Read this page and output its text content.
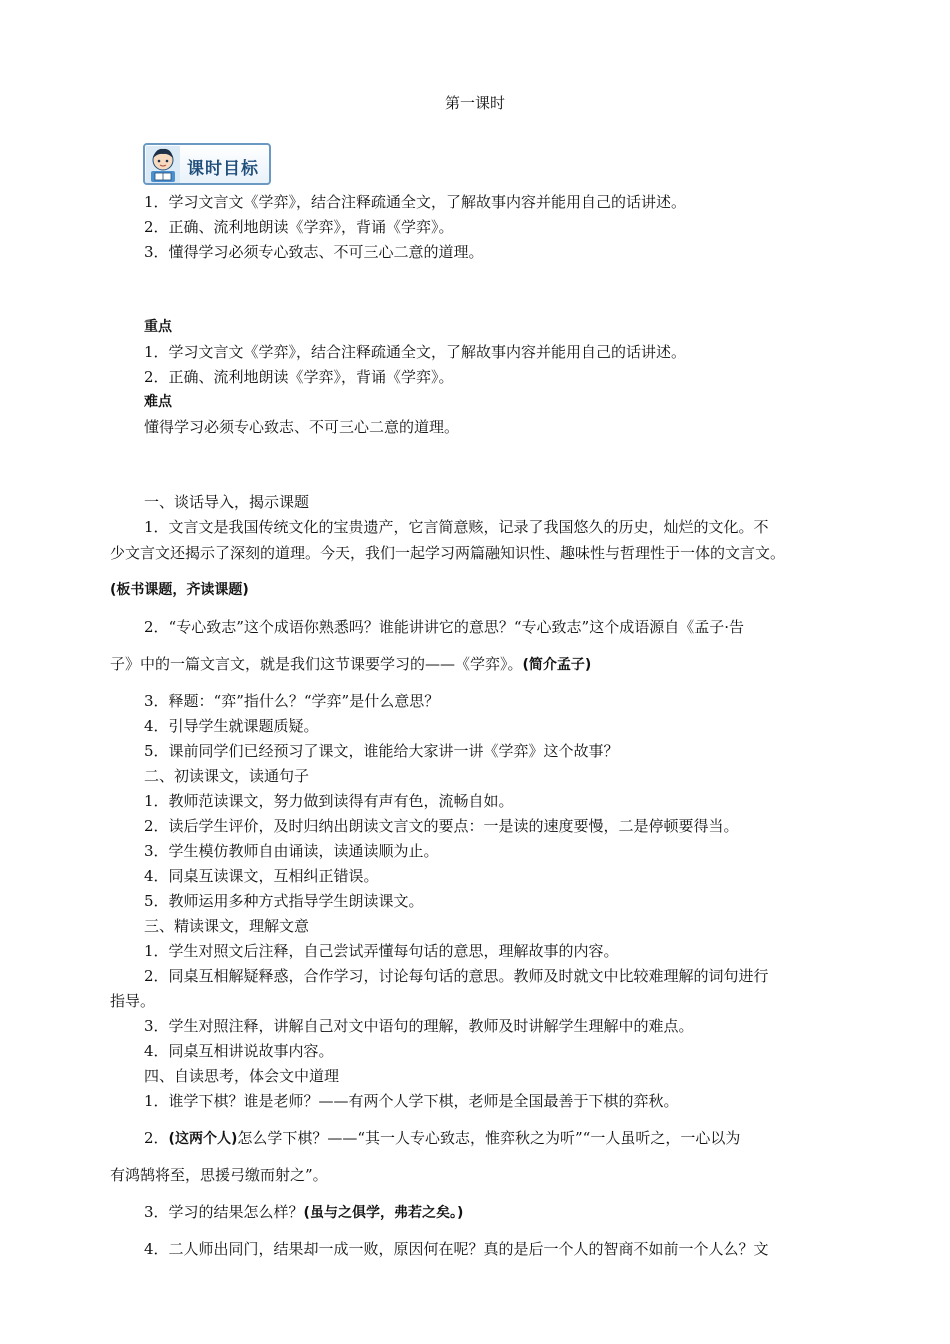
第一课时
课时目标
1．学习文言文《学弈》，结合注释疏通全文，了解故事内容并能用自己的话讲述。
2．正确、流利地朗读《学弈》，背诵《学弈》。
3．懂得学习必须专心致志、不可三心二意的道理。
重点
1．学习文言文《学弈》，结合注释疏通全文，了解故事内容并能用自己的话讲述。
2．正确、流利地朗读《学弈》，背诵《学弈》。
难点
懂得学习必须专心致志、不可三心二意的道理。
一、谈话导入，揭示课题
1．文言文是我国传统文化的宝贵遗产，它言简意赅，记录了我国悠久的历史，灿烂的文化。不
少文言文还揭示了深刻的道理。今天，我们一起学习两篇融知识性、趣味性与哲理性于一体的文言文。
(板书课题，齐读课题)
2．“专心致志”这个成语你熟悉吗？谁能讲讲它的意思？“专心致志”这个成语源自《孟子·告
子》中的一篇文言文，就是我们这节课要学习的——《学弈》。(简介孟子)
3．释题：“弈”指什么？“学弈”是什么意思？
4．引导学生就课题质疑。
5．课前同学们已经预习了课文，谁能给大家讲一讲《学弈》这个故事？
二、初读课文，读通句子
1．教师范读课文，努力做到读得有声有色，流畅自如。
2．读后学生评价，及时归纳出朗读文言文的要点：一是读的速度要慢，二是停顿要得当。
3．学生模仿教师自由诵读，读通读顺为止。
4．同桌互读课文，互相纠正错误。
5．教师运用多种方式指导学生朗读课文。
三、精读课文，理解文意
1．学生对照文后注释，自己尝试弄懂每句话的意思，理解故事的内容。
2．同桌互相解疑释惑，合作学习，讨论每句话的意思。教师及时就文中比较难理解的词句进行
指导。
3．学生对照注释，讲解自己对文中语句的理解，教师及时讲解学生理解中的难点。
4．同桌互相讲说故事内容。
四、自读思考，体会文中道理
1．谁学下棋？谁是老师？——有两个人学下棋，老师是全国最善于下棋的弈秋。
2．(这两个人)怎么学下棋？——“其一人专心致志，惟弈秋之为听”“一人虽听之，一心以为
有鸿鹄将至，思援弓缴而射之”。
3．学习的结果怎么样？(虽与之俱学，弗若之矣。)
4．二人师出同门，结果却一成一败，原因何在呢？真的是后一个人的智商不如前一个人么？文
